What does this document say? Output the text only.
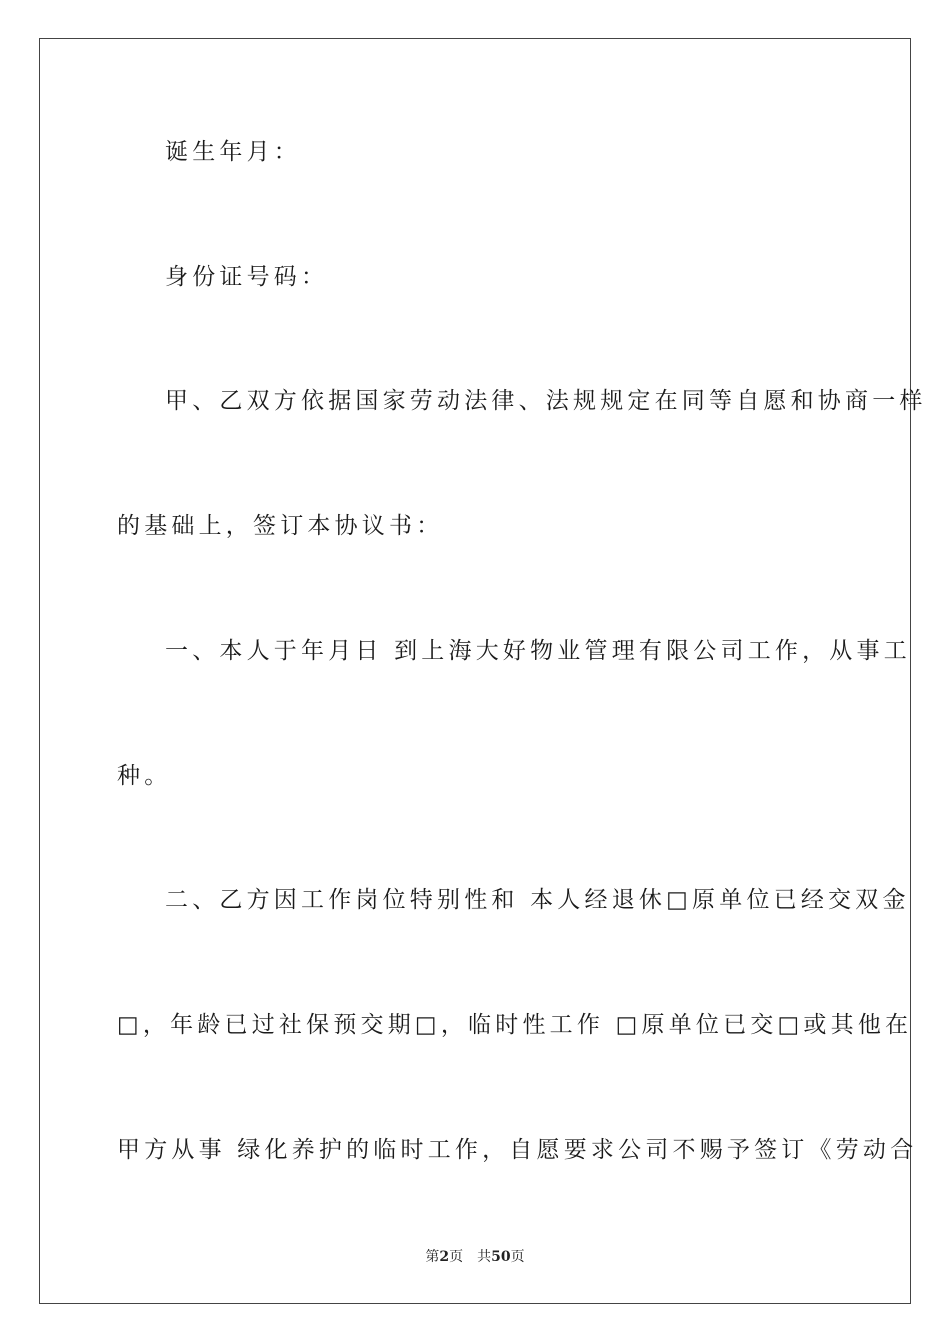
诞生年月：
身份证号码：
甲、乙双方依据国家劳动法律、法规规定在同等自愿和协商一样
的基础上，签订本协议书：
一、本人于年月日 到上海大好物业管理有限公司工作，从事工
种。
二、乙方因工作岗位特别性和 本人经退休□原单位已经交双金
□，年龄已过社保预交期□，临时性工作 □原单位已交□或其他在
甲方从事 绿化养护的临时工作，自愿要求公司不赐予签订《劳动合
第2页 共50页
